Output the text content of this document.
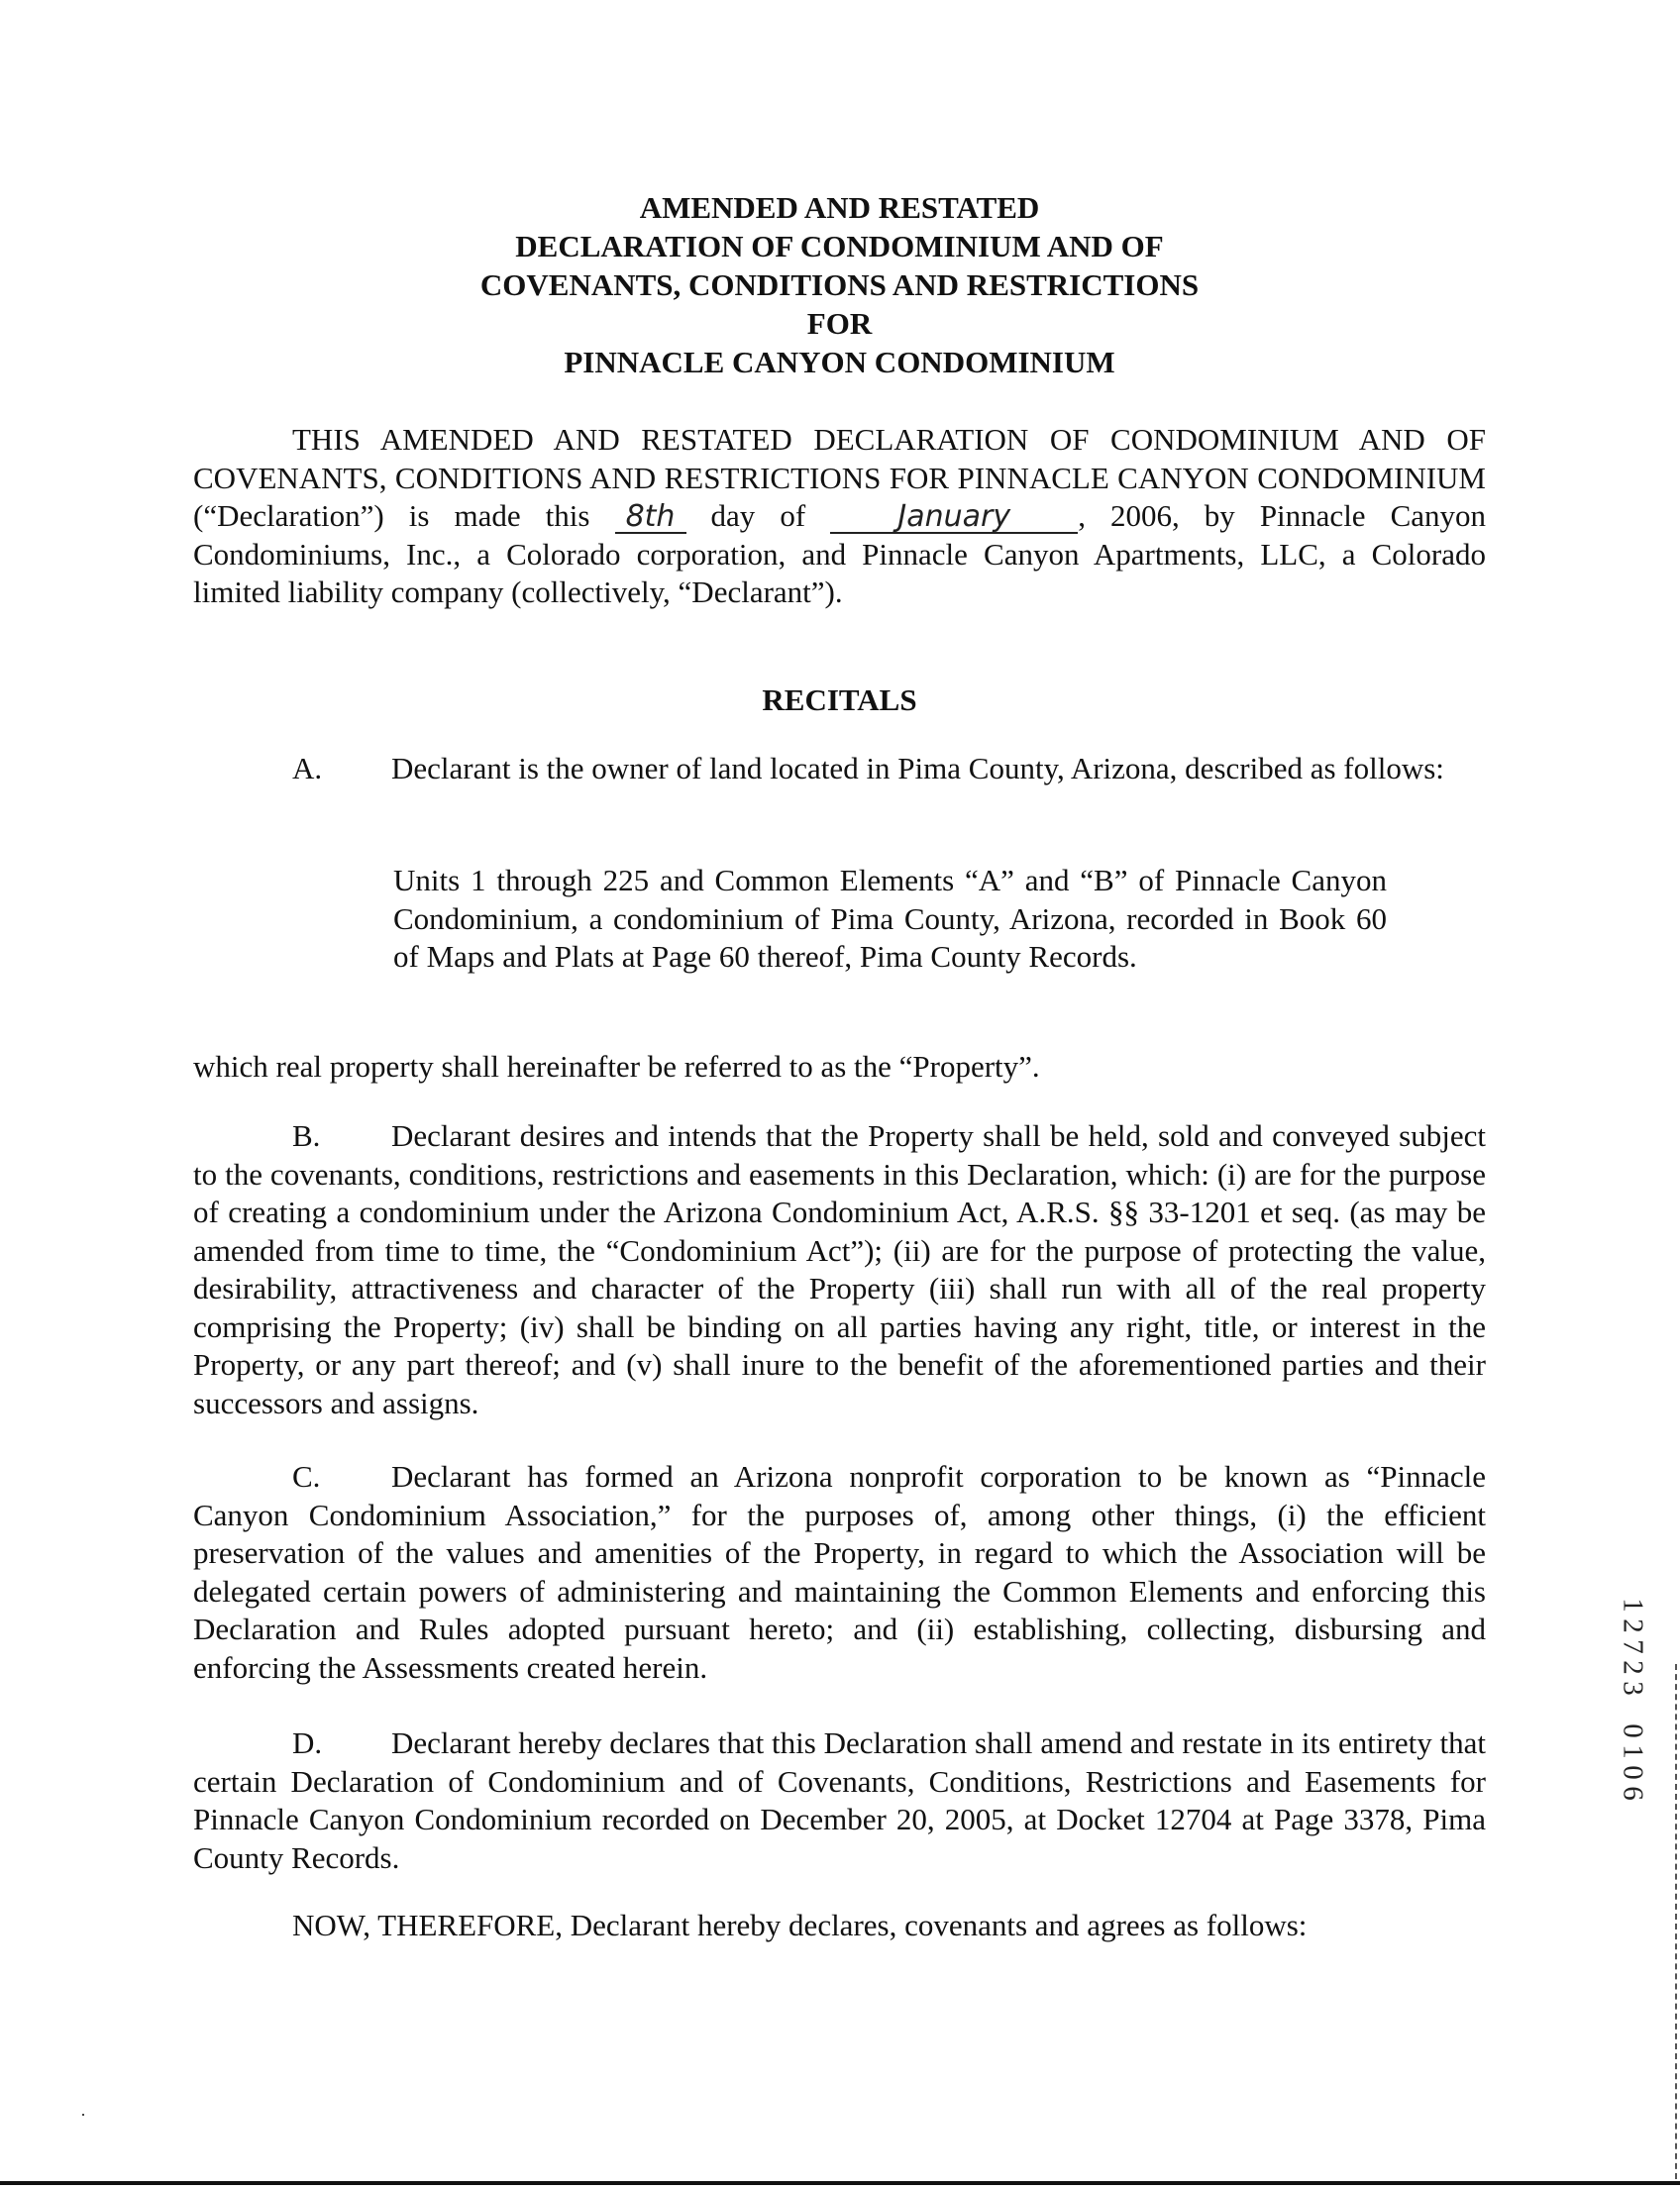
AMENDED AND RESTATED
DECLARATION OF CONDOMINIUM AND OF
COVENANTS, CONDITIONS AND RESTRICTIONS
FOR
PINNACLE CANYON CONDOMINIUM
THIS AMENDED AND RESTATED DECLARATION OF CONDOMINIUM AND OF COVENANTS, CONDITIONS AND RESTRICTIONS FOR PINNACLE CANYON CONDOMINIUM (“Declaration”) is made this 8th day of	January , 2006, by Pinnacle Canyon Condominiums, Inc., a Colorado corporation, and Pinnacle Canyon Apartments, LLC, a Colorado limited liability company (collectively, “Declarant”).
RECITALS
A. Declarant is the owner of land located in Pima County, Arizona, described as follows:
Units 1 through 225 and Common Elements “A” and “B” of Pinnacle Canyon Condominium, a condominium of Pima County, Arizona, recorded in Book 60 of Maps and Plats at Page 60 thereof, Pima County Records.
which real property shall hereinafter be referred to as the “Property”.
B. Declarant desires and intends that the Property shall be held, sold and conveyed subject to the covenants, conditions, restrictions and easements in this Declaration, which: (i) are for the purpose of creating a condominium under the Arizona Condominium Act, A.R.S. §§ 33-1201 et seq. (as may be amended from time to time, the “Condominium Act”); (ii) are for the purpose of protecting the value, desirability, attractiveness and character of the Property (iii) shall run with all of the real property comprising the Property; (iv) shall be binding on all parties having any right, title, or interest in the Property, or any part thereof; and (v) shall inure to the benefit of the aforementioned parties and their successors and assigns.
C. Declarant has formed an Arizona nonprofit corporation to be known as “Pinnacle Canyon Condominium Association,” for the purposes of, among other things, (i) the efficient preservation of the values and amenities of the Property, in regard to which the Association will be delegated certain powers of administering and maintaining the Common Elements and enforcing this Declaration and Rules adopted pursuant hereto; and (ii) establishing, collecting, disbursing and enforcing the Assessments created herein.
D. Declarant hereby declares that this Declaration shall amend and restate in its entirety that certain Declaration of Condominium and of Covenants, Conditions, Restrictions and Easements for Pinnacle Canyon Condominium recorded on December 20, 2005, at Docket 12704 at Page 3378, Pima County Records.
NOW, THEREFORE, Declarant hereby declares, covenants and agrees as follows:
1
2
7
2
3
0
1
0
6
